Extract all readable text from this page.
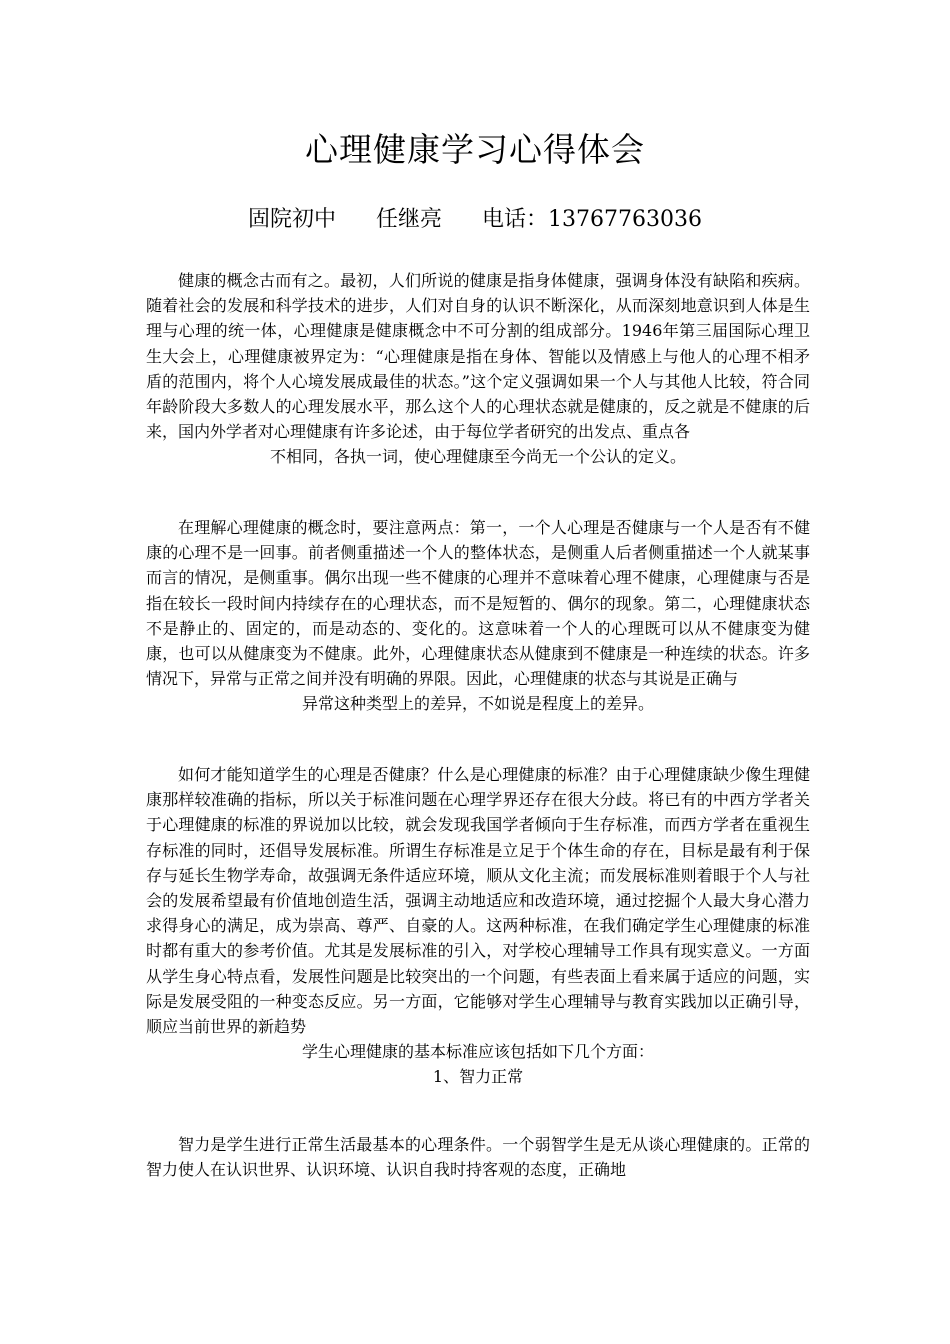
心理健康学习心得体会
固院初中 任继亮 电话：13767763036

健康的概念古而有之。最初，人们所说的健康是指身体健康，强调身体没有缺陷和疾病。随着社会的发展和科学技术的进步，人们对自身的认识不断深化，从而深刻地意识到人体是生理与心理的统一体，心理健康是健康概念中不可分割的组成部分。1946年第三届国际心理卫生大会上，心理健康被界定为：“心理健康是指在身体、智能以及情感上与他人的心理不相矛盾的范围内，将个人心境发展成最佳的状态。”这个定义强调如果一个人与其他人比较，符合同年龄阶段大多数人的心理发展水平，那么这个人的心理状态就是健康的，反之就是不健康的后来，国内外学者对心理健康有许多论述，由于每位学者研究的出发点、重点各

不相同，各执一词，使心理健康至今尚无一个公认的定义。

在理解心理健康的概念时，要注意两点：第一，一个人心理是否健康与一个人是否有不健康的心理不是一回事。前者侧重描述一个人的整体状态，是侧重人后者侧重描述一个人就某事而言的情况，是侧重事。偶尔出现一些不健康的心理并不意味着心理不健康，心理健康与否是指在较长一段时间内持续存在的心理状态，而不是短暂的、偶尔的现象。第二，心理健康状态不是静止的、固定的，而是动态的、变化的。这意味着一个人的心理既可以从不健康变为健康，也可以从健康变为不健康。此外，心理健康状态从健康到不健康是一种连续的状态。许多情况下，异常与正常之间并没有明确的界限。因此，心理健康的状态与其说是正确与

异常这种类型上的差异，不如说是程度上的差异。

如何才能知道学生的心理是否健康？什么是心理健康的标准？由于心理健康缺少像生理健康那样较准确的指标，所以关于标准问题在心理学界还存在很大分歧。将已有的中西方学者关于心理健康的标准的界说加以比较，就会发现我国学者倾向于生存标准，而西方学者在重视生存标准的同时，还倡导发展标准。所谓生存标准是立足于个体生命的存在，目标是最有利于保存与延长生物学寿命，故强调无条件适应环境，顺从文化主流；而发展标准则着眼于个人与社会的发展希望最有价值地创造生活，强调主动地适应和改造环境，通过挖掘个人最大身心潜力求得身心的满足，成为崇高、尊严、自豪的人。这两种标准，在我们确定学生心理健康的标准时都有重大的参考价值。尤其是发展标准的引入，对学校心理辅导工作具有现实意义。一方面从学生身心特点看，发展性问题是比较突出的一个问题，有些表面上看来属于适应的问题，实际是发展受阻的一种变态反应。另一方面，它能够对学生心理辅导与教育实践加以正确引导，顺应当前世界的新趋势

学生心理健康的基本标准应该包括如下几个方面：
1、智力正常

智力是学生进行正常生活最基本的心理条件。一个弱智学生是无从谈心理健康的。正常的智力使人在认识世界、认识环境、认识自我时持客观的态度，正确地
